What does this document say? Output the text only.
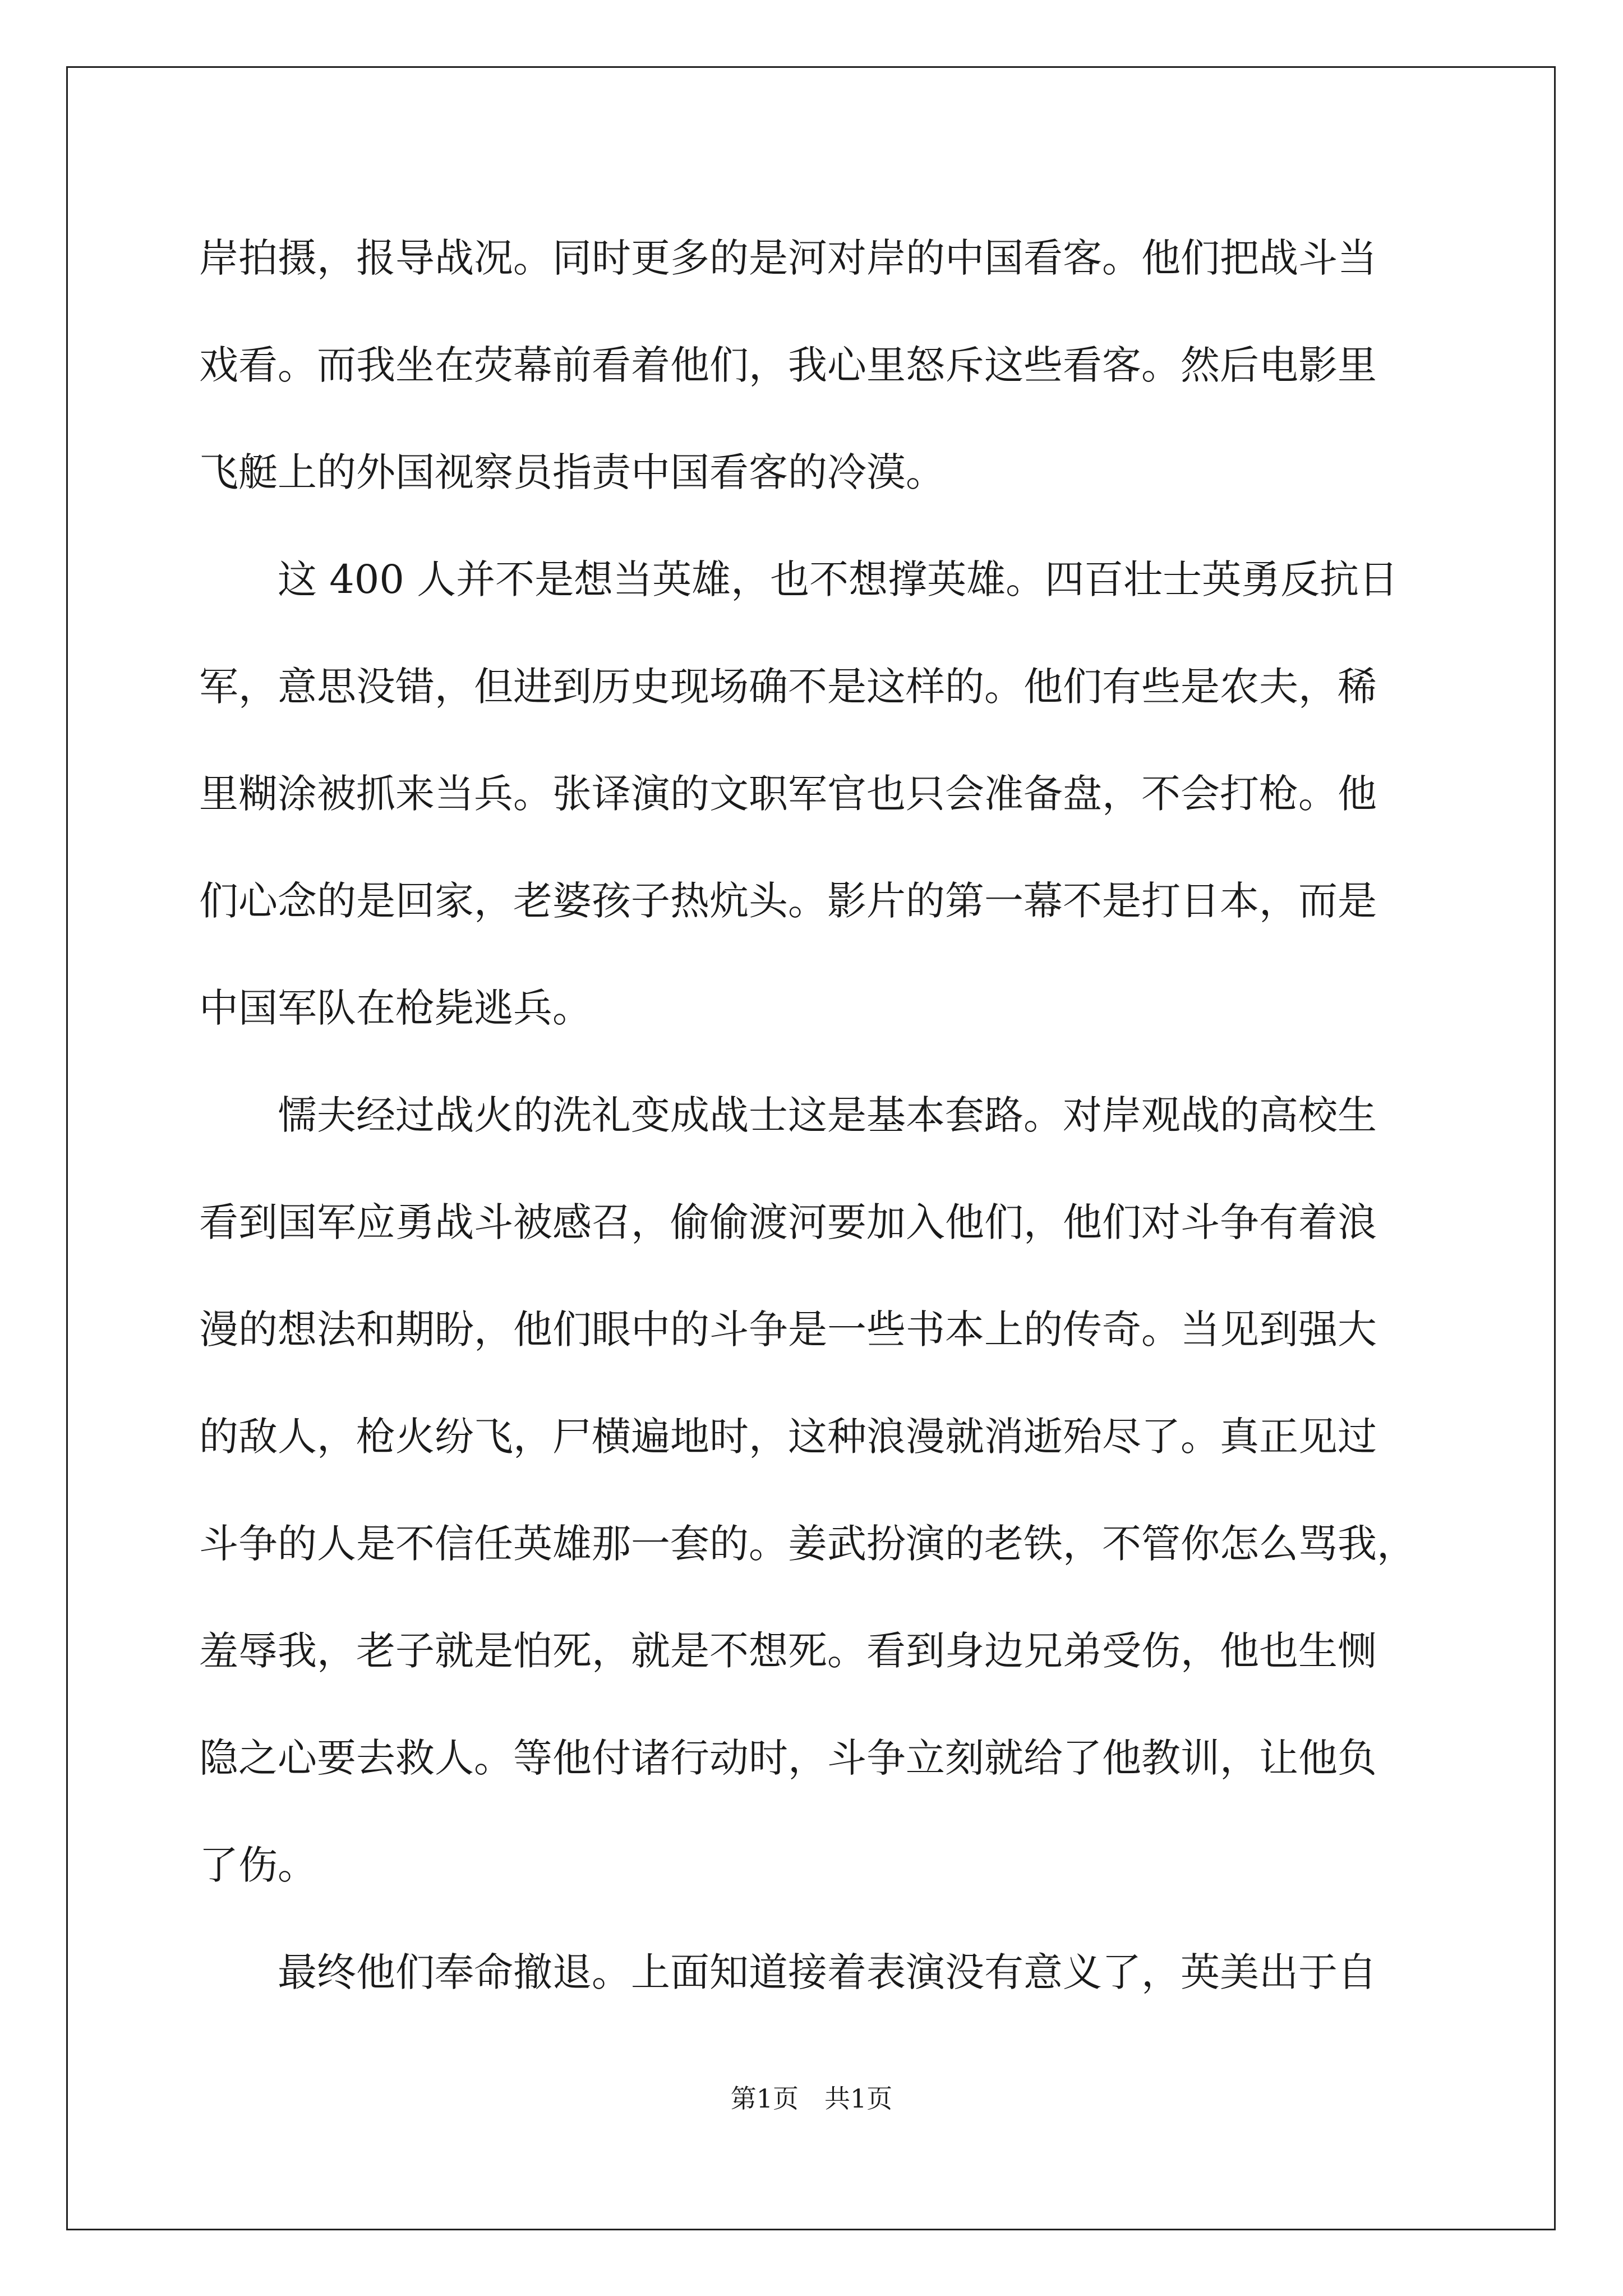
岸拍摄，报导战况。同时更多的是河对岸的中国看客。他们把战斗当
戏看。而我坐在荧幕前看着他们，我心里怒斥这些看客。然后电影里
飞艇上的外国视察员指责中国看客的冷漠。
这 400 人并不是想当英雄，也不想撑英雄。四百壮士英勇反抗日
军，意思没错，但进到历史现场确不是这样的。他们有些是农夫，稀
里糊涂被抓来当兵。张译演的文职军官也只会准备盘，不会打枪。他
们心念的是回家，老婆孩子热炕头。影片的第一幕不是打日本，而是
中国军队在枪毙逃兵。
懦夫经过战火的洗礼变成战士这是基本套路。对岸观战的高校生
看到国军应勇战斗被感召，偷偷渡河要加入他们，他们对斗争有着浪
漫的想法和期盼，他们眼中的斗争是一些书本上的传奇。当见到强大
的敌人，枪火纷飞，尸横遍地时，这种浪漫就消逝殆尽了。真正见过
斗争的人是不信任英雄那一套的。姜武扮演的老铁，不管你怎么骂我，
羞辱我，老子就是怕死，就是不想死。看到身边兄弟受伤，他也生恻
隐之心要去救人。等他付诸行动时，斗争立刻就给了他教训，让他负
了伤。
最终他们奉命撤退。上面知道接着表演没有意义了，英美出于自
第1页　共1页
